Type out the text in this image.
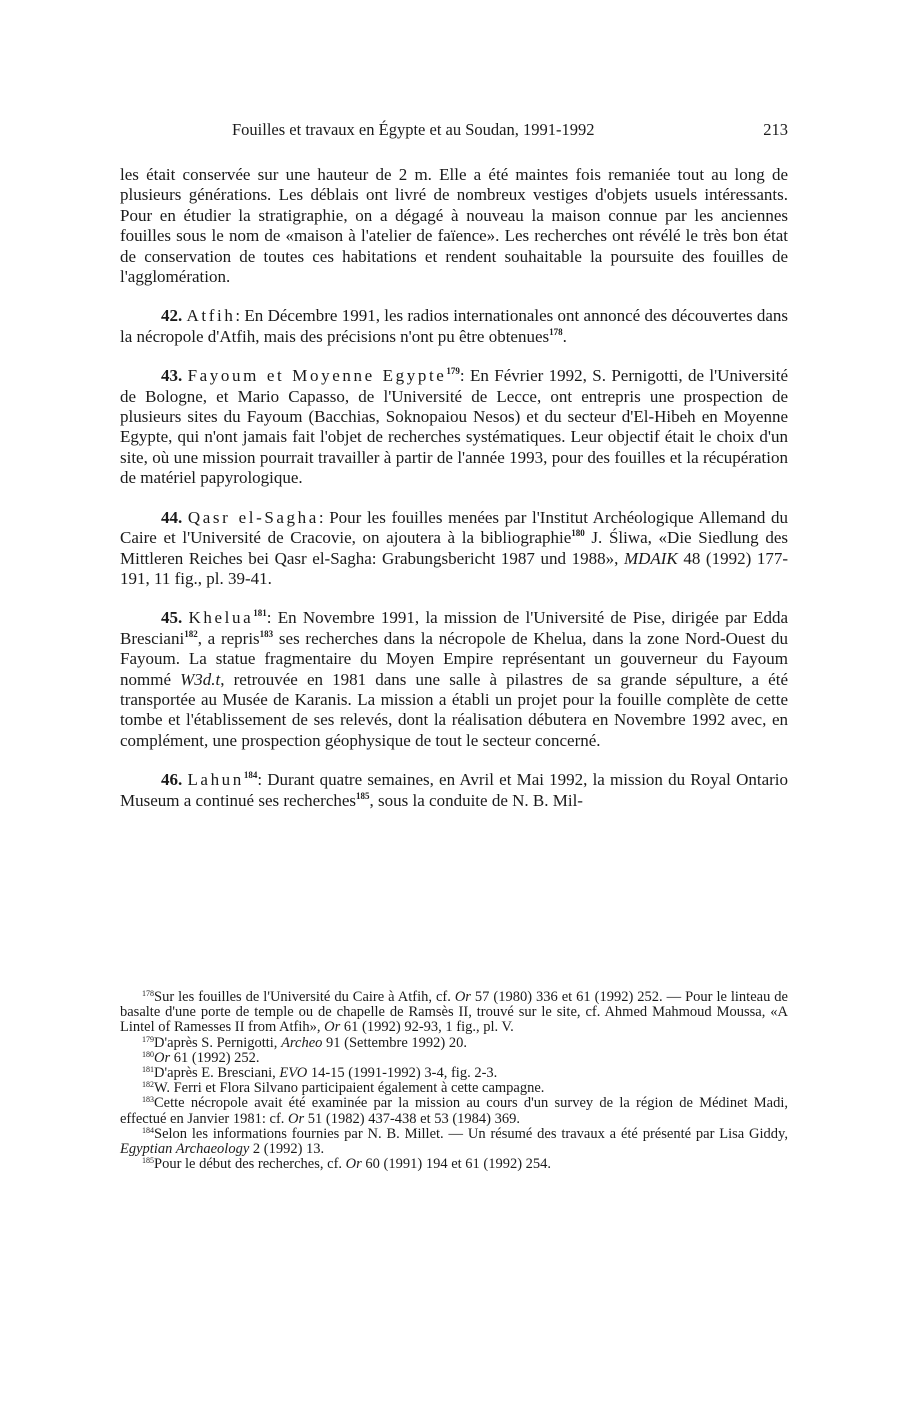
Fouilles et travaux en Égypte et au Soudan, 1991-1992	213

les était conservée sur une hauteur de 2 m. Elle a été maintes fois remaniée tout au long de plusieurs générations. Les déblais ont livré de nombreux vestiges d'objets usuels intéressants. Pour en étudier la stratigraphie, on a dégagé à nouveau la maison connue par les anciennes fouilles sous le nom de «maison à l'atelier de faïence». Les recherches ont révélé le très bon état de conservation de toutes ces habitations et rendent souhaitable la poursuite des fouilles de l'agglomération.

42. Atfih: En Décembre 1991, les radios internationales ont annoncé des découvertes dans la nécropole d'Atfih, mais des précisions n'ont pu être obtenues$^{178}$.

43. Fayoum et Moyenne Egypte$^{179}$: En Février 1992, S. Pernigotti, de l'Université de Bologne, et Mario Capasso, de l'Université de Lecce, ont entrepris une prospection de plusieurs sites du Fayoum (Bacchias, Soknopaiou Nesos) et du secteur d'El-Hibeh en Moyenne Egypte, qui n'ont jamais fait l'objet de recherches systématiques. Leur objectif était le choix d'un site, où une mission pourrait travailler à partir de l'année 1993, pour des fouilles et la récupération de matériel papyrologique.

44. Qasr el-Sagha: Pour les fouilles menées par l'Institut Archéologique Allemand du Caire et l'Université de Cracovie, on ajoutera à la bibliographie$^{180}$ J. Śliwa, «Die Siedlung des Mittleren Reiches bei Qasr el-Sagha: Grabungsbericht 1987 und 1988», MDAIK 48 (1992) 177-191, 11 fig., pl. 39-41.

45. Khelua$^{181}$: En Novembre 1991, la mission de l'Université de Pise, dirigée par Edda Bresciani$^{182}$, a repris$^{183}$ ses recherches dans la nécropole de Khelua, dans la zone Nord-Ouest du Fayoum. La statue fragmentaire du Moyen Empire représentant un gouverneur du Fayoum nommé W3d.t, retrouvée en 1981 dans une salle à pilastres de sa grande sépulture, a été transportée au Musée de Karanis. La mission a établi un projet pour la fouille complète de cette tombe et l'établissement de ses relevés, dont la réalisation débutera en Novembre 1992 avec, en complément, une prospection géophysique de tout le secteur concerné.

46. Lahun$^{184}$: Durant quatre semaines, en Avril et Mai 1992, la mission du Royal Ontario Museum a continué ses recherches$^{185}$, sous la conduite de N. B. Mil-

$^{178}$Sur les fouilles de l'Université du Caire à Atfih, cf. Or 57 (1980) 336 et 61 (1992) 252. — Pour le linteau de basalte d'une porte de temple ou de chapelle de Ramsès II, trouvé sur le site, cf. Ahmed Mahmoud Moussa, «A Lintel of Ramesses II from Atfih», Or 61 (1992) 92-93, 1 fig., pl. V.

$^{179}$D'après S. Pernigotti, Archeo 91 (Settembre 1992) 20.

$^{180}$Or 61 (1992) 252.

$^{181}$D'après E. Bresciani, EVO 14-15 (1991-1992) 3-4, fig. 2-3.

$^{182}$W. Ferri et Flora Silvano participaient également à cette campagne.

$^{183}$Cette nécropole avait été examinée par la mission au cours d'un survey de la région de Médinet Madi, effectué en Janvier 1981: cf. Or 51 (1982) 437-438 et 53 (1984) 369.

$^{184}$Selon les informations fournies par N. B. Millet. — Un résumé des travaux a été présenté par Lisa Giddy, Egyptian Archaeology 2 (1992) 13.

$^{185}$Pour le début des recherches, cf. Or 60 (1991) 194 et 61 (1992) 254.
